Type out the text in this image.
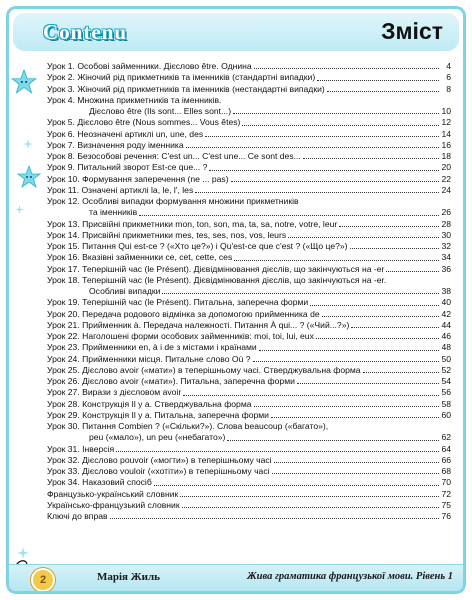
Contenu	Зміст
Урок 1. Особові займенники. Дієслово être. Однина	4
Урок 2. Жіночий рід прикметників та іменників (стандартні випадки)	6
Урок 3. Жіночий рід прикметників та іменників (нестандартні випадки)	8
Урок 4. Множина прикметників та іменників.
Дієслово être (Ils sont... Elles sont...)	10
Урок 5. Дієслово être (Nous sommes... Vous êtes)	12
Урок 6. Неозначені артиклі un, une, des	14
Урок 7. Визначення роду іменника	16
Урок 8. Безособові речення: C'est un... C'est une... Ce sont des...	18
Урок 9. Питальний зворот Est-ce que... ?	20
Урок 10. Формування заперечення (ne ... pas)	22
Урок 11. Означені артиклі la, le, l', les	24
Урок 12. Особливі випадки формування множини прикметників
та іменників	26
Урок 13. Присвійні прикметники mon, ton, son, ma, ta, sa, notre, votre, leur	28
Урок 14. Присвійні прикметники mes, tes, ses, nos, vos, leurs	30
Урок 15. Питання Qui est-ce ? («Хто це?») і Qu'est-ce que c'est ? («Що це?»)	32
Урок 16. Вказівні займенники ce, cet, cette, ces	34
Урок 17. Теперішній час (le Présent). Дієвідмінювання дієслів, що закінчуються на -er	36
Урок 18. Теперішній час (le Présent). Дієвідмінювання дієслів, що закінчуються на -er.
Особливі випадки	38
Урок 19. Теперішній час (le Présent). Питальна, заперечна форми	40
Урок 20. Передача родового відмінка за допомогою прийменника de	42
Урок 21. Прийменник à. Передача належності. Питання À qui... ? («Чий...?»)	44
Урок 22. Наголошені форми особових займенників: moi, toi, lui, eux	46
Урок 23. Прийменники en, à і de з містами і країнами	48
Урок 24. Прийменники місця. Питальне слово Où ?	50
Урок 25. Дієслово avoir («мати») в теперішньому часі. Стверджувальна форма	52
Урок 26. Дієслово avoir («мати»). Питальна, заперечна форми	54
Урок 27. Вирази з дієсловом avoir	56
Урок 28. Конструкція Il y a. Стверджувальна форма	58
Урок 29. Конструкція Il y a. Питальна, заперечна форми	60
Урок 30. Питання Combien ? («Скільки?»). Слова beaucoup («багато»),
peu («мало»), un peu («небагато»)	62
Урок 31. Інверсія	64
Урок 32. Дієслово pouvoir («могти») в теперішньому часі	66
Урок 33. Дієслово vouloir («хотіти») в теперішньому часі	68
Урок 34. Наказовий спосіб	70
Французько-український словник	72
Українсько-французький словник	75
Ключі до вправ	76
2	Марія Жиль	Жива граматика французької мови. Рівень 1
